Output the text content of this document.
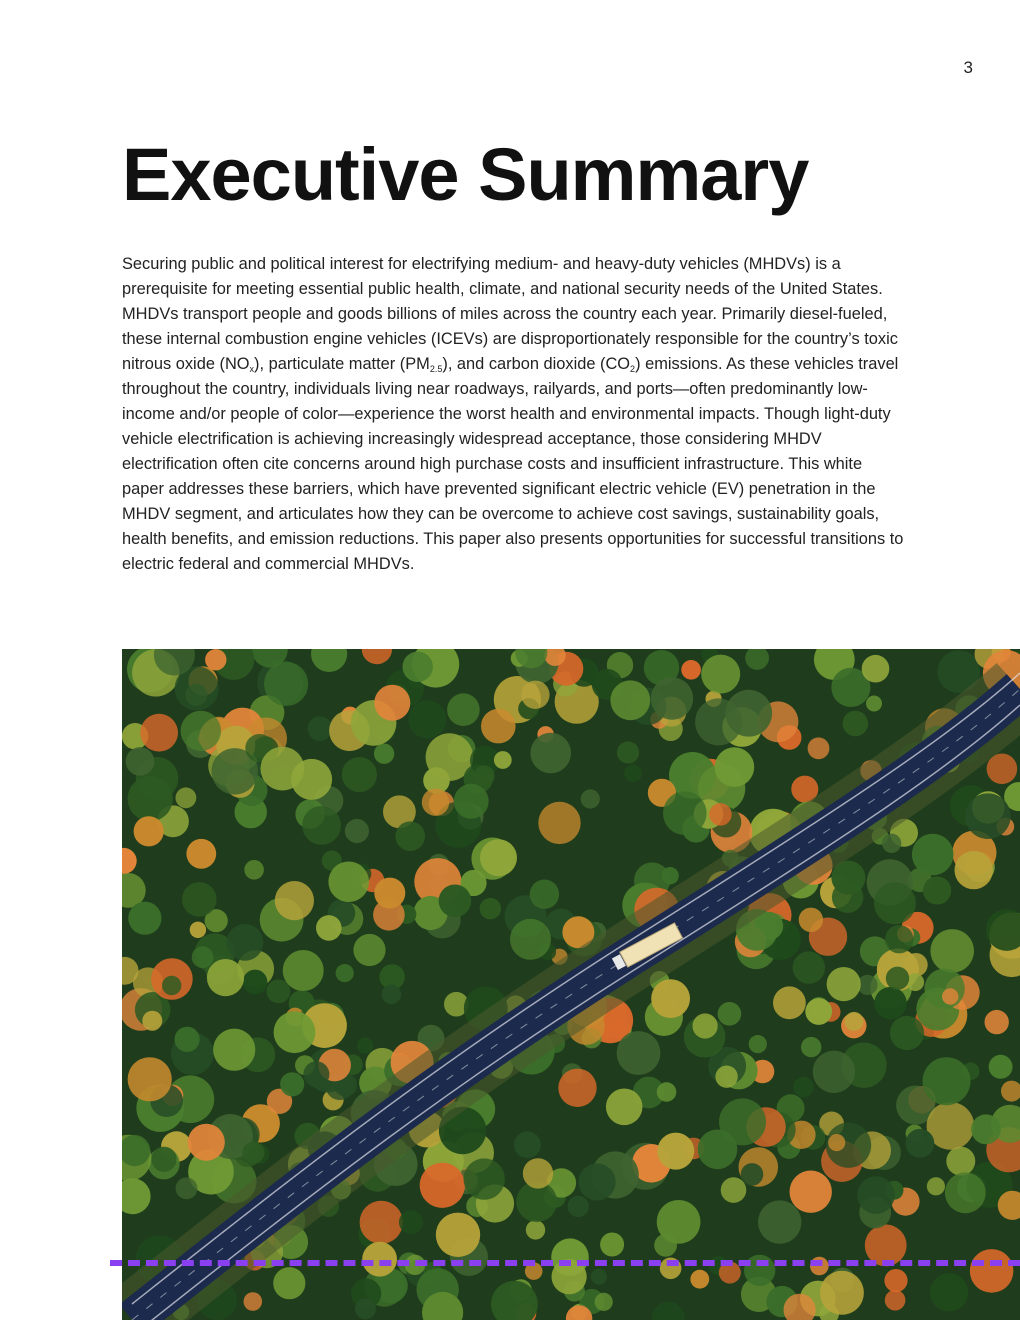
3
Executive Summary

Securing public and political interest for electrifying medium- and heavy-duty vehicles (MHDVs) is a prerequisite for meeting essential public health, climate, and national security needs of the United States. MHDVs transport people and goods billions of miles across the country each year. Primarily diesel-fueled, these internal combustion engine vehicles (ICEVs) are disproportionately responsible for the country’s toxic nitrous oxide $(NO_x)$, particulate matter $(PM_{2.5})$, and carbon dioxide $(CO_2)$ emissions. As these vehicles travel throughout the country, individuals living near roadways, railyards, and ports—often predominantly low-income and/or people of color—experience the worst health and environmental impacts. Though light-duty vehicle electrification is achieving increasingly widespread acceptance, those considering MHDV electrification often cite concerns around high purchase costs and insufficient infrastructure. This white paper addresses these barriers, which have prevented significant electric vehicle (EV) penetration in the MHDV segment, and articulates how they can be overcome to achieve cost savings, sustainability goals, health benefits, and emission reductions. This paper also presents opportunities for successful transitions to electric federal and commercial MHDVs.
